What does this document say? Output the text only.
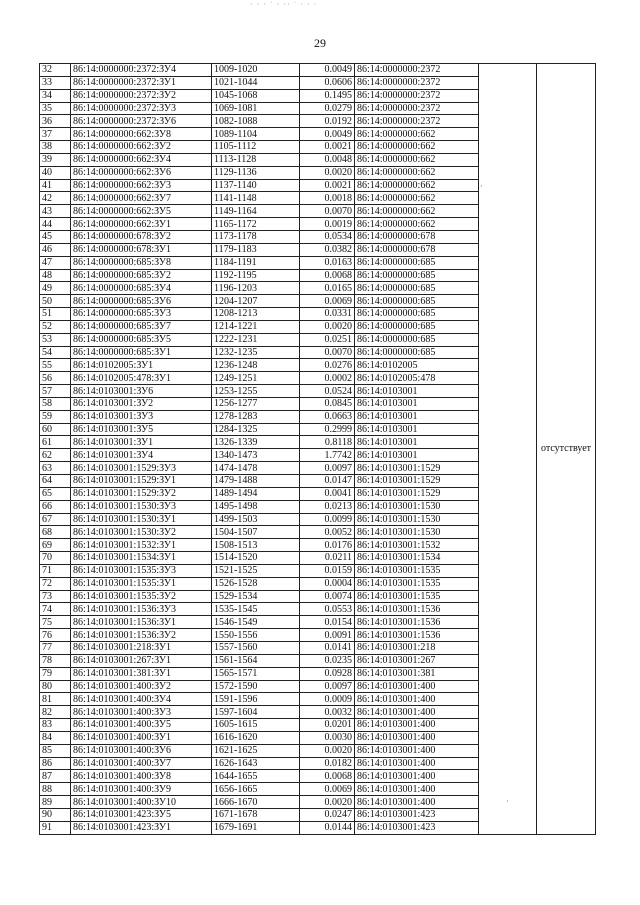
· · · ˙ · ·· ˙ · · ·
29
32	86:14:0000000:2372:ЗУ4	1009-1020	0.0049	86:14:0000000:2372		отсутствует
33	86:14:0000000:2372:ЗУ1	1021-1044	0.0606	86:14:0000000:2372		
34	86:14:0000000:2372:ЗУ2	1045-1068	0.1495	86:14:0000000:2372		
35	86:14:0000000:2372:ЗУ3	1069-1081	0.0279	86:14:0000000:2372		
36	86:14:0000000:2372:ЗУ6	1082-1088	0.0192	86:14:0000000:2372		
37	86:14:0000000:662:ЗУ8	1089-1104	0.0049	86:14:0000000:662		
38	86:14:0000000:662:ЗУ2	1105-1112	0.0021	86:14:0000000:662		
39	86:14:0000000:662:ЗУ4	1113-1128	0.0048	86:14:0000000:662		
40	86:14:0000000:662:ЗУ6	1129-1136	0.0020	86:14:0000000:662		
41	86:14:0000000:662:ЗУ3	1137-1140	0.0021	86:14:0000000:662		
42	86:14:0000000:662:ЗУ7	1141-1148	0.0018	86:14:0000000:662		
43	86:14:0000000:662:ЗУ5	1149-1164	0.0070	86:14:0000000:662		
44	86:14:0000000:662:ЗУ1	1165-1172	0.0019	86:14:0000000:662		
45	86:14:0000000:678:ЗУ2	1173-1178	0.0534	86:14:0000000:678		
46	86:14:0000000:678:ЗУ1	1179-1183	0.0382	86:14:0000000:678		
47	86:14:0000000:685:ЗУ8	1184-1191	0.0163	86:14:0000000:685		
48	86:14:0000000:685:ЗУ2	1192-1195	0.0068	86:14:0000000:685		
49	86:14:0000000:685:ЗУ4	1196-1203	0.0165	86:14:0000000:685		
50	86:14:0000000:685:ЗУ6	1204-1207	0.0069	86:14:0000000:685		
51	86:14:0000000:685:ЗУ3	1208-1213	0.0331	86:14:0000000:685		
52	86:14:0000000:685:ЗУ7	1214-1221	0.0020	86:14:0000000:685		
53	86:14:0000000:685:ЗУ5	1222-1231	0.0251	86:14:0000000:685		
54	86:14:0000000:685:ЗУ1	1232-1235	0.0070	86:14:0000000:685		
55	86:14:0102005:ЗУ1	1236-1248	0.0276	86:14:0102005		
56	86:14:0102005:478:ЗУ1	1249-1251	0.0002	86:14:0102005:478		
57	86:14:0103001:ЗУ6	1253-1255	0.0524	86:14:0103001		
58	86:14:0103001:ЗУ2	1256-1277	0.0845	86:14:0103001		
59	86:14:0103001:ЗУ3	1278-1283	0.0663	86:14:0103001		
60	86:14:0103001:ЗУ5	1284-1325	0.2999	86:14:0103001		
61	86:14:0103001:ЗУ1	1326-1339	0.8118	86:14:0103001		
62	86:14:0103001:ЗУ4	1340-1473	1.7742	86:14:0103001		
63	86:14:0103001:1529:ЗУ3	1474-1478	0.0097	86:14:0103001:1529		
64	86:14:0103001:1529:ЗУ1	1479-1488	0.0147	86:14:0103001:1529		
65	86:14:0103001:1529:ЗУ2	1489-1494	0.0041	86:14:0103001:1529		
66	86:14:0103001:1530:ЗУ3	1495-1498	0.0213	86:14:0103001:1530		
67	86:14:0103001:1530:ЗУ1	1499-1503	0.0099	86:14:0103001:1530		
68	86:14:0103001:1530:ЗУ2	1504-1507	0.0052	86:14:0103001:1530		
69	86:14:0103001:1532:ЗУ1	1508-1513	0.0176	86:14:0103001:1532		
70	86:14:0103001:1534:ЗУ1	1514-1520	0.0211	86:14:0103001:1534		
71	86:14:0103001:1535:ЗУ3	1521-1525	0.0159	86:14:0103001:1535		
72	86:14:0103001:1535:ЗУ1	1526-1528	0.0004	86:14:0103001:1535		
73	86:14:0103001:1535:ЗУ2	1529-1534	0.0074	86:14:0103001:1535		
74	86:14:0103001:1536:ЗУ3	1535-1545	0.0553	86:14:0103001:1536		
75	86:14:0103001:1536:ЗУ1	1546-1549	0.0154	86:14:0103001:1536		
76	86:14:0103001:1536:ЗУ2	1550-1556	0.0091	86:14:0103001:1536		
77	86:14:0103001:218:ЗУ1	1557-1560	0.0141	86:14:0103001:218		
78	86:14:0103001:267:ЗУ1	1561-1564	0.0235	86:14:0103001:267		
79	86:14:0103001:381:ЗУ1	1565-1571	0.0928	86:14:0103001:381		
80	86:14:0103001:400:ЗУ2	1572-1590	0.0097	86:14:0103001:400		
81	86:14:0103001:400:ЗУ4	1591-1596	0.0009	86:14:0103001:400		
82	86:14:0103001:400:ЗУ3	1597-1604	0.0032	86:14:0103001:400		
83	86:14:0103001:400:ЗУ5	1605-1615	0.0201	86:14:0103001:400		
84	86:14:0103001:400:ЗУ1	1616-1620	0.0030	86:14:0103001:400		
85	86:14:0103001:400:ЗУ6	1621-1625	0.0020	86:14:0103001:400		
86	86:14:0103001:400:ЗУ7	1626-1643	0.0182	86:14:0103001:400		
87	86:14:0103001:400:ЗУ8	1644-1655	0.0068	86:14:0103001:400		
88	86:14:0103001:400:ЗУ9	1656-1665	0.0069	86:14:0103001:400		
89	86:14:0103001:400:ЗУ10	1666-1670	0.0020	86:14:0103001:400		
90	86:14:0103001:423:ЗУ5	1671-1678	0.0247	86:14:0103001:423		
91	86:14:0103001:423:ЗУ1	1679-1691	0.0144	86:14:0103001:423		
·
·
